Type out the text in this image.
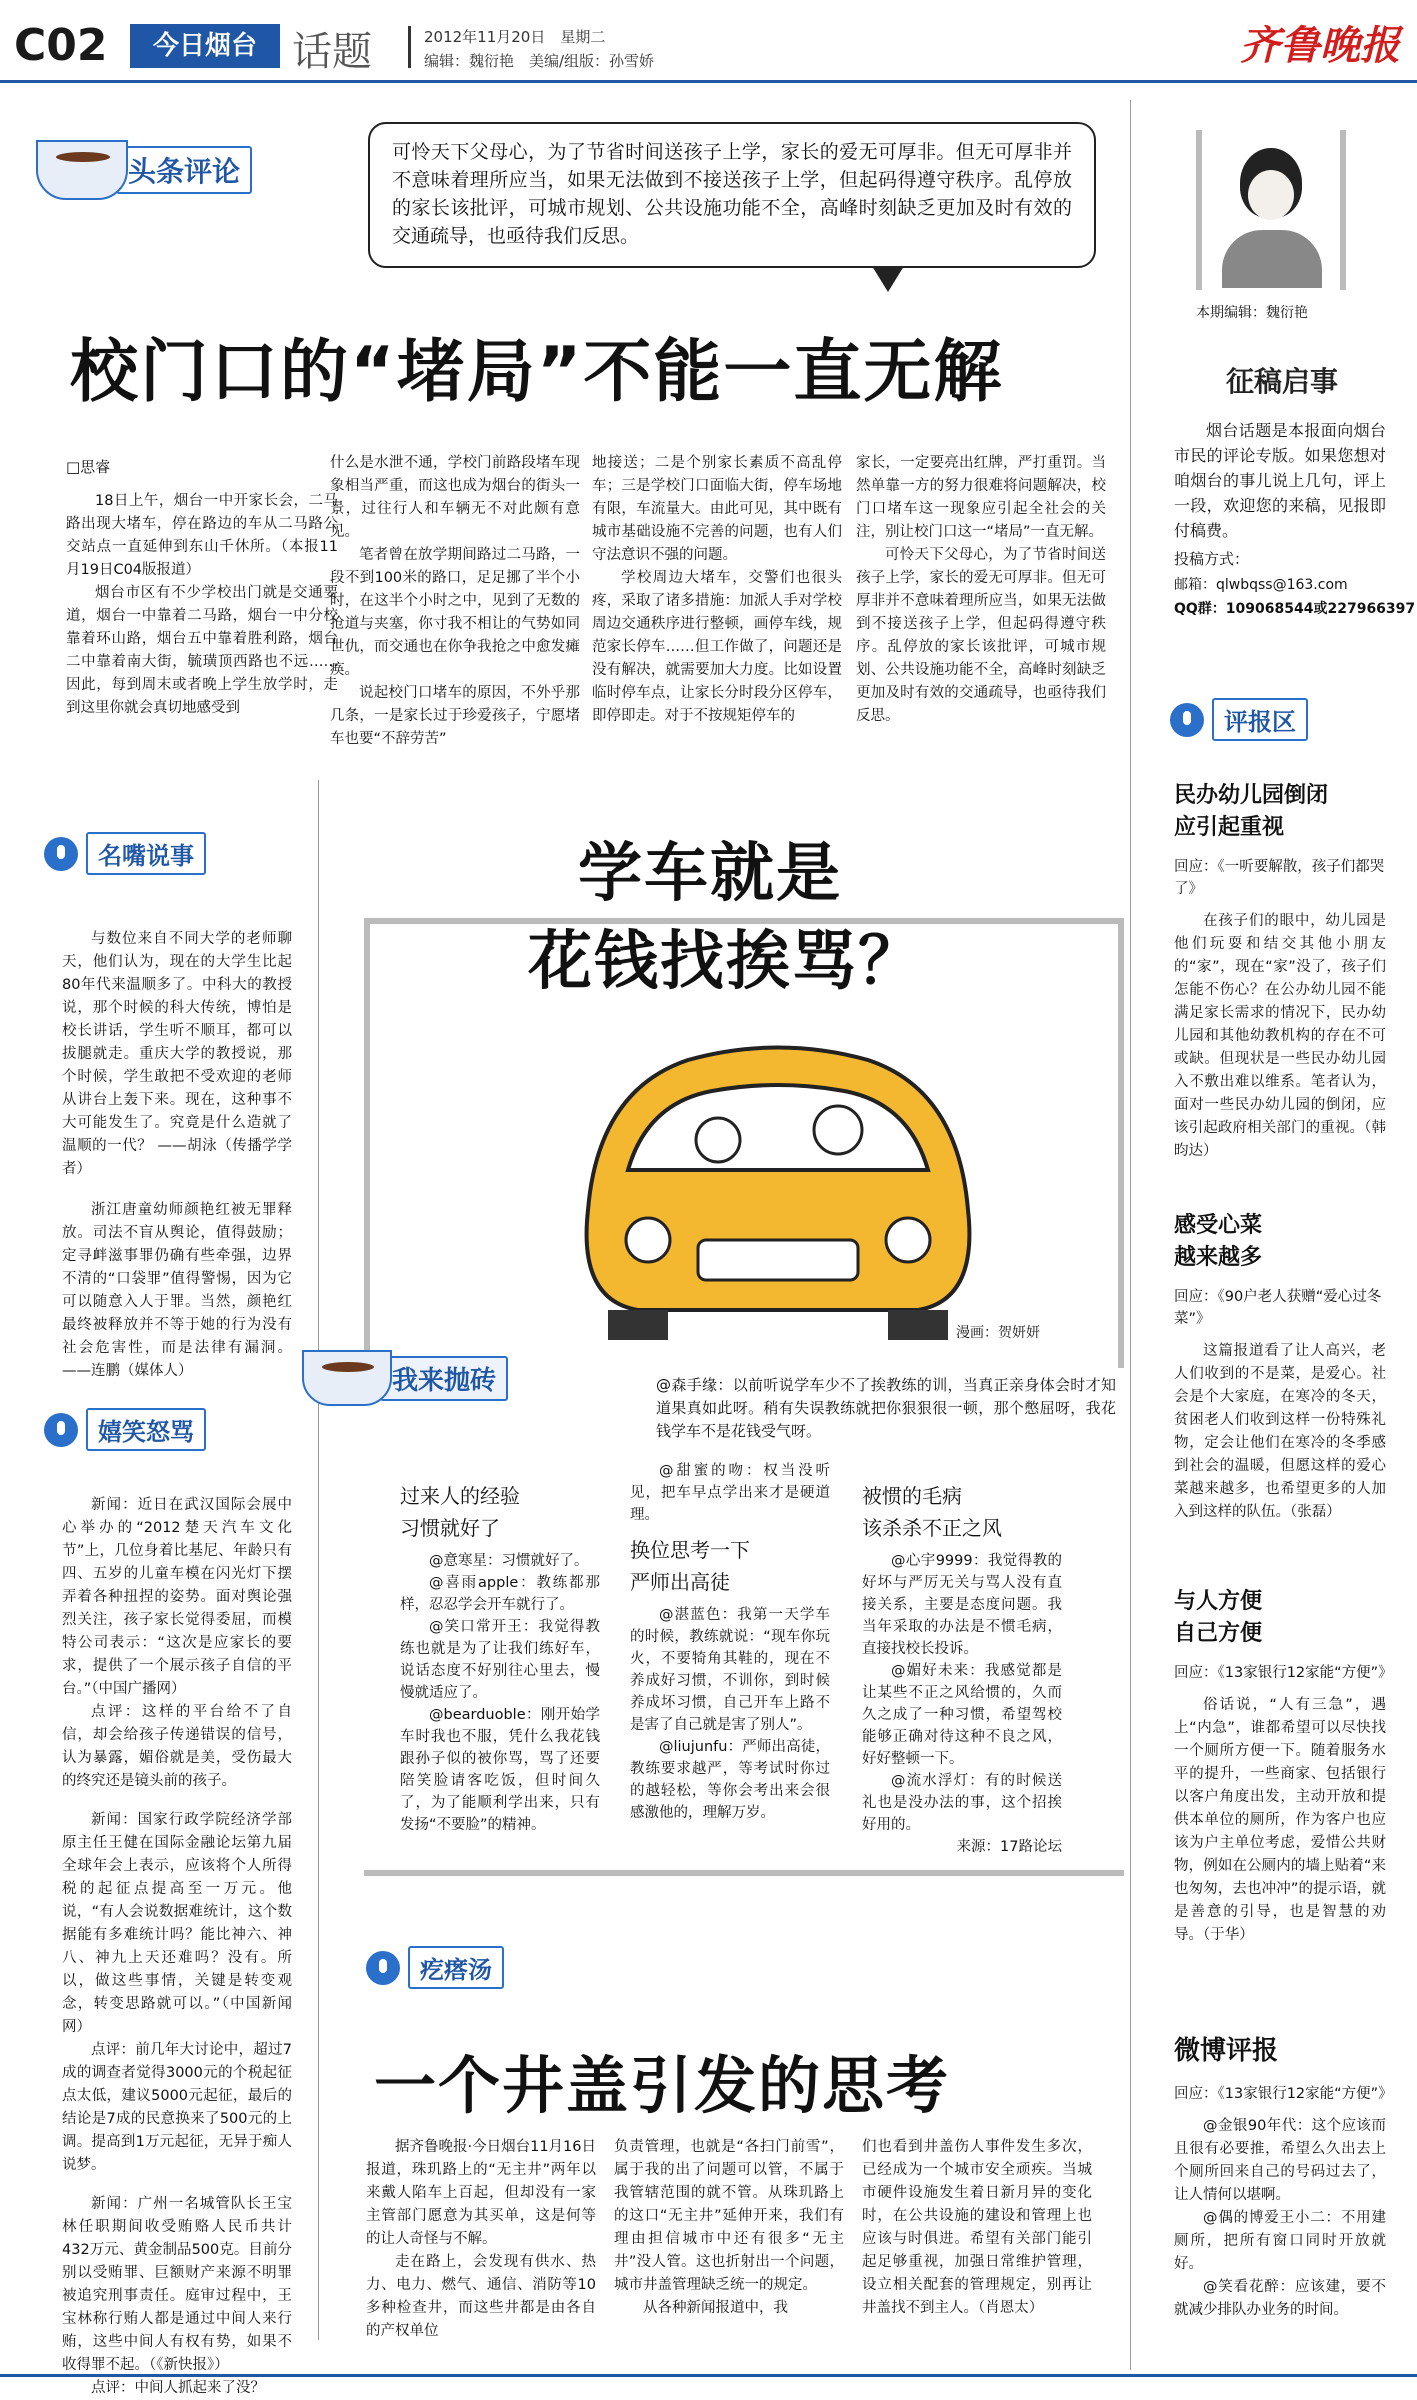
C02	今日烟台 话题	2012年11月20日　星期二
编辑：魏衍艳　美编/组版：孙雪娇	齐鲁晚报
头条评论

可怜天下父母心，为了节省时间送孩子上学，家长的爱无可厚非。但无可厚非并不意味着理所应当，如果无法做到不接送孩子上学，但起码得遵守秩序。乱停放的家长该批评，可城市规划、公共设施功能不全，高峰时刻缺乏更加及时有效的交通疏导，也亟待我们反思。

校门口的“堵局”不能一直无解
□思睿

18日上午，烟台一中开家长会，二马路出现大堵车，停在路边的车从二马路公交站点一直延伸到东山千休所。（本报11月19日C04版报道）

烟台市区有不少学校出门就是交通要道，烟台一中靠着二马路，烟台一中分校靠着环山路，烟台五中靠着胜利路，烟台二中靠着南大街，毓璜顶西路也不远……因此，每到周末或者晚上学生放学时，走到这里你就会真切地感受到

什么是水泄不通，学校门前路段堵车现象相当严重，而这也成为烟台的街头一景，过往行人和车辆无不对此颇有意见。

笔者曾在放学期间路过二马路，一段不到100米的路口，足足挪了半个小时，在这半个小时之中，见到了无数的抢道与夹塞，你寸我不相让的气势如同世仇，而交通也在你争我抢之中愈发瘫痪。

说起校门口堵车的原因，不外乎那几条，一是家长过于珍爱孩子，宁愿堵车也要“不辞劳苦”

地接送；二是个别家长素质不高乱停车；三是学校门口面临大街，停车场地有限，车流量大。由此可见，其中既有城市基础设施不完善的问题，也有人们守法意识不强的问题。

学校周边大堵车，交警们也很头疼，采取了诸多措施：加派人手对学校周边交通秩序进行整顿，画停车线，规范家长停车……但工作做了，问题还是没有解决，就需要加大力度。比如设置临时停车点，让家长分时段分区停车，即停即走。对于不按规矩停车的

家长，一定要亮出红牌，严打重罚。当然单靠一方的努力很难将问题解决，校门口堵车这一现象应引起全社会的关注，别让校门口这一“堵局”一直无解。

可怜天下父母心，为了节省时间送孩子上学，家长的爱无可厚非。但无可厚非并不意味着理所应当，如果无法做到不接送孩子上学，但起码得遵守秩序。乱停放的家长该批评，可城市规划、公共设施功能不全，高峰时刻缺乏更加及时有效的交通疏导，也亟待我们反思。

本期编辑：魏衍艳
征稿启事

烟台话题是本报面向烟台市民的评论专版。如果您想对咱烟台的事儿说上几句，评上一段，欢迎您的来稿，见报即付稿费。

投稿方式：
邮箱：qlwbqss@163.com
QQ群：109068544或227966397
评报区
民办幼儿园倒闭
应引起重视
回应：《一听要解散，孩子们都哭了》

在孩子们的眼中，幼儿园是他们玩耍和结交其他小朋友的“家”，现在“家”没了，孩子们怎能不伤心？在公办幼儿园不能满足家长需求的情况下，民办幼儿园和其他幼教机构的存在不可或缺。但现状是一些民办幼儿园入不敷出难以维系。笔者认为，面对一些民办幼儿园的倒闭，应该引起政府相关部门的重视。（韩昀达）

感受心菜
越来越多
回应：《90户老人获赠“爱心过冬菜”》

这篇报道看了让人高兴，老人们收到的不是菜，是爱心。社会是个大家庭，在寒冷的冬天，贫困老人们收到这样一份特殊礼物，定会让他们在寒冷的冬季感到社会的温暖，但愿这样的爱心菜越来越多，也希望更多的人加入到这样的队伍。（张磊）

与人方便
自己方便
回应：《13家银行12家能“方便”》

俗话说，“人有三急”，遇上“内急”，谁都希望可以尽快找一个厕所方便一下。随着服务水平的提升，一些商家、包括银行以客户角度出发，主动开放和提供本单位的厕所，作为客户也应该为户主单位考虑，爱惜公共财物，例如在公厕内的墙上贴着“来也匆匆，去也冲冲”的提示语，就是善意的引导，也是智慧的劝导。（于华）

微博评报
回应：《13家银行12家能“方便”》

@金银90年代：这个应该而且很有必要推，希望么久出去上个厕所回来自己的号码过去了，让人情何以堪啊。

@偶的博爱王小二：不用建厕所，把所有窗口同时开放就好。

@笑看花醉：应该建，要不就减少排队办业务的时间。

名嘴说事

与数位来自不同大学的老师聊天，他们认为，现在的大学生比起80年代来温顺多了。中科大的教授说，那个时候的科大传统，博怕是校长讲话，学生听不顺耳，都可以拔腿就走。重庆大学的教授说，那个时候，学生敢把不受欢迎的老师从讲台上轰下来。现在，这种事不大可能发生了。究竟是什么造就了温顺的一代？ ——胡泳（传播学学者）

浙江唐童幼师颜艳红被无罪释放。司法不盲从舆论，值得鼓励；定寻衅滋事罪仍确有些牵强，边界不清的“口袋罪”值得警惕，因为它可以随意入人于罪。当然，颜艳红最终被释放并不等于她的行为没有社会危害性，而是法律有漏洞。——连鹏（媒体人）

嬉笑怒骂

新闻：近日在武汉国际会展中心举办的“2012楚天汽车文化节”上，几位身着比基尼、年龄只有四、五岁的儿童车模在闪光灯下摆弄着各种扭捏的姿势。面对舆论强烈关注，孩子家长觉得委屈，而模特公司表示：“这次是应家长的要求，提供了一个展示孩子自信的平台。”（中国广播网）

点评：这样的平台给不了自信，却会给孩子传递错误的信号，认为暴露，媚俗就是美，受伤最大的终究还是镜头前的孩子。

新闻：国家行政学院经济学部原主任王健在国际金融论坛第九届全球年会上表示，应该将个人所得税的起征点提高至一万元。他说，“有人会说数据难统计，这个数据能有多难统计吗？能比神六、神八、神九上天还难吗？没有。所以，做这些事情，关键是转变观念，转变思路就可以。”（中国新闻网）

点评：前几年大讨论中，超过7成的调查者觉得3000元的个税起征点太低，建议5000元起征，最后的结论是7成的民意换来了500元的上调。提高到1万元起征，无异于痴人说梦。

新闻：广州一名城管队长王宝林任职期间收受贿赂人民币共计432万元、黄金制品500克。目前分别以受贿罪、巨额财产来源不明罪被追究刑事责任。庭审过程中，王宝林称行贿人都是通过中间人来行贿，这些中间人有权有势，如果不收得罪不起。（《新快报》）

点评：中间人抓起来了没？

学车就是
花钱找挨骂？
漫画：贺妍妍
我来抛砖	@森手缘：以前听说学车少不了挨教练的训，当真正亲身体会时才知道果真如此呀。稍有失误教练就把你狠狠很一顿，那个憋屈呀，我花钱学车不是花钱受气呀。

过来人的经验
习惯就好了

@意寒星：习惯就好了。

@喜雨apple：教练都那样，忍忍学会开车就行了。

@笑口常开王：我觉得教练也就是为了让我们练好车，说话态度不好别往心里去，慢慢就适应了。

@bearduoble：刚开始学车时我也不服，凭什么我花钱跟孙子似的被你骂，骂了还要陪笑脸请客吃饭，但时间久了，为了能顺利学出来，只有发扬“不要脸”的精神。

@甜蜜的吻：权当没听见，把车早点学出来才是硬道理。

换位思考一下
严师出高徒

@湛蓝色：我第一天学车的时候，教练就说：“现车你玩火，不要犄角其鞋的，现在不养成好习惯，不训你，到时候养成坏习惯，自己开车上路不是害了自己就是害了别人”。

@liujunfu：严师出高徒，教练要求越严，等考试时你过的越轻松，等你会考出来会很感激他的，理解万岁。

被惯的毛病
该杀杀不正之风

@心宇9999：我觉得教的好坏与严厉无关与骂人没有直接关系，主要是态度问题。我当年采取的办法是不惯毛病，直接找校长投诉。

@媚好未来：我感觉都是让某些不正之风给惯的，久而久之成了一种习惯，希望驾校能够正确对待这种不良之风，好好整顿一下。

@流水浮灯：有的时候送礼也是没办法的事，这个招挨好用的。

来源：17路论坛
疙瘩汤
一个井盖引发的思考

据齐鲁晚报·今日烟台11月16日报道，珠玑路上的“无主井”两年以来戴人陷车上百起，但却没有一家主管部门愿意为其买单，这是何等的让人奇怪与不解。

走在路上，会发现有供水、热力、电力、燃气、通信、消防等10多种检查井，而这些井都是由各自的产权单位

负责管理，也就是“各扫门前雪”，属于我的出了问题可以管，不属于我管辖范围的就不管。从珠玑路上的这口“无主井”延伸开来，我们有理由担信城市中还有很多“无主井”没人管。这也折射出一个问题，城市井盖管理缺乏统一的规定。

从各种新闻报道中，我

们也看到井盖伤人事件发生多次，已经成为一个城市安全顽疾。当城市硬件设施发生着日新月异的变化时，在公共设施的建设和管理上也应该与时俱进。希望有关部门能引起足够重视，加强日常维护管理，设立相关配套的管理规定，别再让井盖找不到主人。（肖恩太）
